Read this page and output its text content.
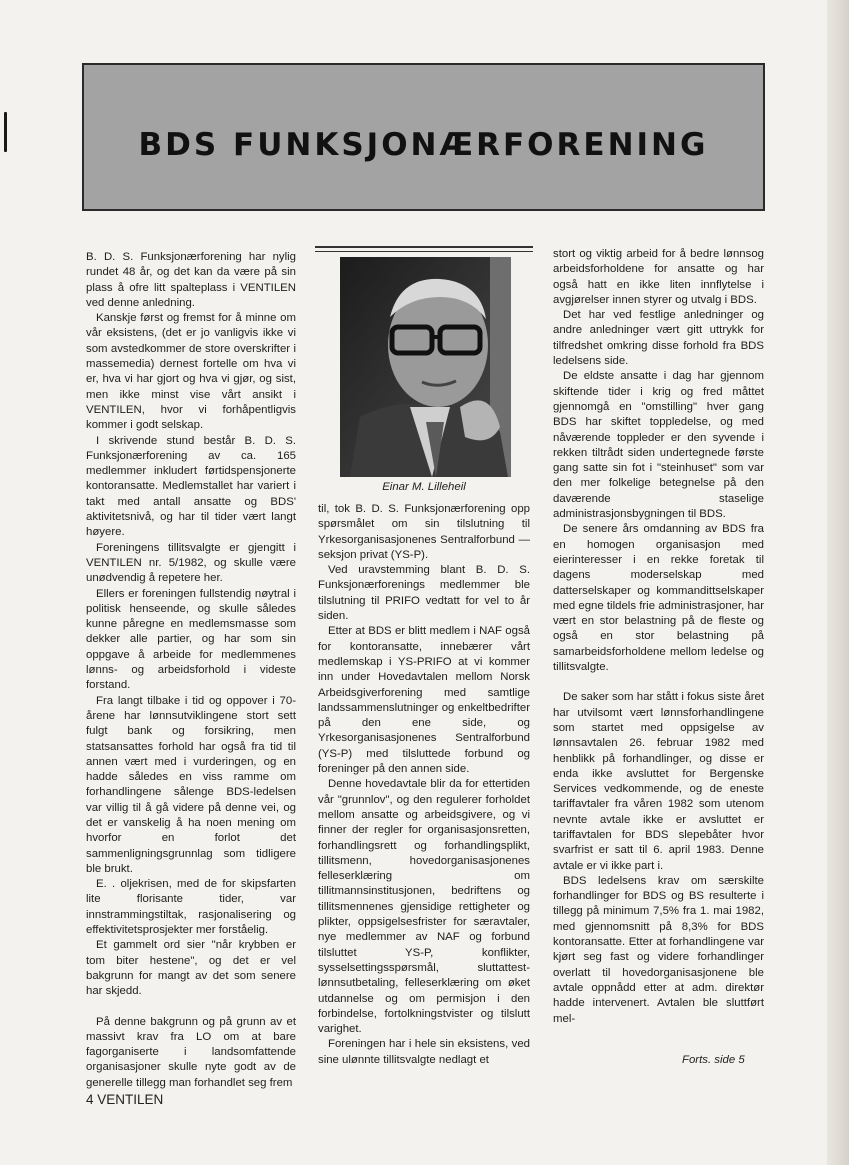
BDS FUNKSJONÆRFORENING

B. D. S. Funksjonærforening har nylig rundet 48 år, og det kan da være på sin plass å ofre litt spalteplass i VENTILEN ved denne anledning.

Kanskje først og fremst for å minne om vår eksistens, (det er jo vanligvis ikke vi som avstedkommer de store overskrifter i massemedia) dernest fortelle om hva vi er, hva vi har gjort og hva vi gjør, og sist, men ikke minst vise vårt ansikt i VENTILEN, hvor vi forhåpentligvis kommer i godt selskap.

I skrivende stund består B. D. S. Funksjonærforening av ca. 165 medlemmer inkludert førtidspensjonerte kontoransatte. Medlemstallet har variert i takt med antall ansatte og BDS' aktivitetsnivå, og har til tider vært langt høyere.

Foreningens tillitsvalgte er gjengitt i VENTILEN nr. 5/1982, og skulle være unødvendig å repetere her.

Ellers er foreningen fullstendig nøytral i politisk henseende, og skulle således kunne påregne en medlemsmasse som dekker alle partier, og har som sin oppgave å arbeide for medlemmenes lønns- og arbeidsforhold i videste forstand.

Fra langt tilbake i tid og oppover i 70-årene har lønnsutviklingene stort sett fulgt bank og forsikring, men statsansattes forhold har også fra tid til annen vært med i vurderingen, og en hadde således en viss ramme om forhandlingene sålenge BDS-ledelsen var villig til å gå videre på denne vei, og det er vanskelig å ha noen mening om hvorfor en forlot det sammenligningsgrunnlag som tidligere ble brukt.

E. . oljekrisen, med de for skipsfarten lite florisante tider, var innstrammingstiltak, rasjonalisering og effektivitetsprosjekter mer forståelig.

Et gammelt ord sier "når krybben er tom biter hestene", og det er vel bakgrunn for mangt av det som senere har skjedd.

På denne bakgrunn og på grunn av et massivt krav fra LO om at bare fagorganiserte i landsomfattende organisasjoner skulle nyte godt av de generelle tillegg man forhandlet seg frem

Einar M. Lilleheil

til, tok B. D. S. Funksjonærforening opp spørsmålet om sin tilslutning til Yrkesorganisasjonenes Sentralforbund — seksjon privat (YS-P).

Ved uravstemming blant B. D. S. Funksjonærforenings medlemmer ble tilslutning til PRIFO vedtatt for vel to år siden.

Etter at BDS er blitt medlem i NAF også for kontoransatte, innebærer vårt medlemskap i YS-PRIFO at vi kommer inn under Hovedavtalen mellom Norsk Arbeidsgiverforening med samtlige landssammenslutninger og enkeltbedrifter på den ene side, og Yrkesorganisasjonenes Sentralforbund (YS-P) med tilsluttede forbund og foreninger på den annen side.

Denne hovedavtale blir da for ettertiden vår "grunnlov", og den regulerer forholdet mellom ansatte og arbeidsgivere, og vi finner der regler for organisasjonsretten, forhandlingsrett og forhandlingsplikt, tillitsmenn, hovedorganisasjonenes felleserklæring om tillitmannsinstitusjonen, bedriftens og tillitsmennenes gjensidige rettigheter og plikter, oppsigelsesfrister for særavtaler, nye medlemmer av NAF og forbund tilsluttet YS-P, konflikter, sysselsettingsspørsmål, sluttattest-lønnsutbetaling, felleserklæring om øket utdannelse og om permisjon i den forbindelse, fortolkningstvister og tilslutt varighet.

Foreningen har i hele sin eksistens, ved sine ulønnte tillitsvalgte nedlagt et

stort og viktig arbeid for å bedre lønnsog arbeidsforholdene for ansatte og har også hatt en ikke liten innflytelse i avgjørelser innen styrer og utvalg i BDS.

Det har ved festlige anledninger og andre anledninger vært gitt uttrykk for tilfredshet omkring disse forhold fra BDS ledelsens side.

De eldste ansatte i dag har gjennom skiftende tider i krig og fred måttet gjennomgå en "omstilling" hver gang BDS har skiftet toppledelse, og med nåværende toppleder er den syvende i rekken tiltrådt siden undertegnede første gang satte sin fot i "steinhuset" som var den mer folkelige betegnelse på den daværende staselige administrasjonsbygningen til BDS.

De senere års omdanning av BDS fra en homogen organisasjon med eierinteresser i en rekke foretak til dagens moderselskap med datterselskaper og kommandittselskaper med egne tildels frie administrasjoner, har vært en stor belastning på de fleste og også en stor belastning på samarbeidsforholdene mellom ledelse og tillitsvalgte.

De saker som har stått i fokus siste året har utvilsomt vært lønnsforhandlingene som startet med oppsigelse av lønnsavtalen 26. februar 1982 med henblikk på forhandlinger, og disse er enda ikke avsluttet for Bergenske Services vedkommende, og de eneste tariffavtaler fra våren 1982 som utenom nevnte avtale ikke er avsluttet er tariffavtalen for BDS slepebåter hvor svarfrist er satt til 6. april 1983. Denne avtale er vi ikke part i.

BDS ledelsens krav om særskilte forhandlinger for BDS og BS resulterte i tillegg på minimum 7,5% fra 1. mai 1982, med gjennomsnitt på 8,3% for BDS kontoransatte. Etter at forhandlingene var kjørt seg fast og videre forhandlinger overlatt til hovedorganisasjonene ble avtale oppnådd etter at adm. direktør hadde intervenert. Avtalen ble sluttført mel-

Forts. side 5
4 VENTILEN
